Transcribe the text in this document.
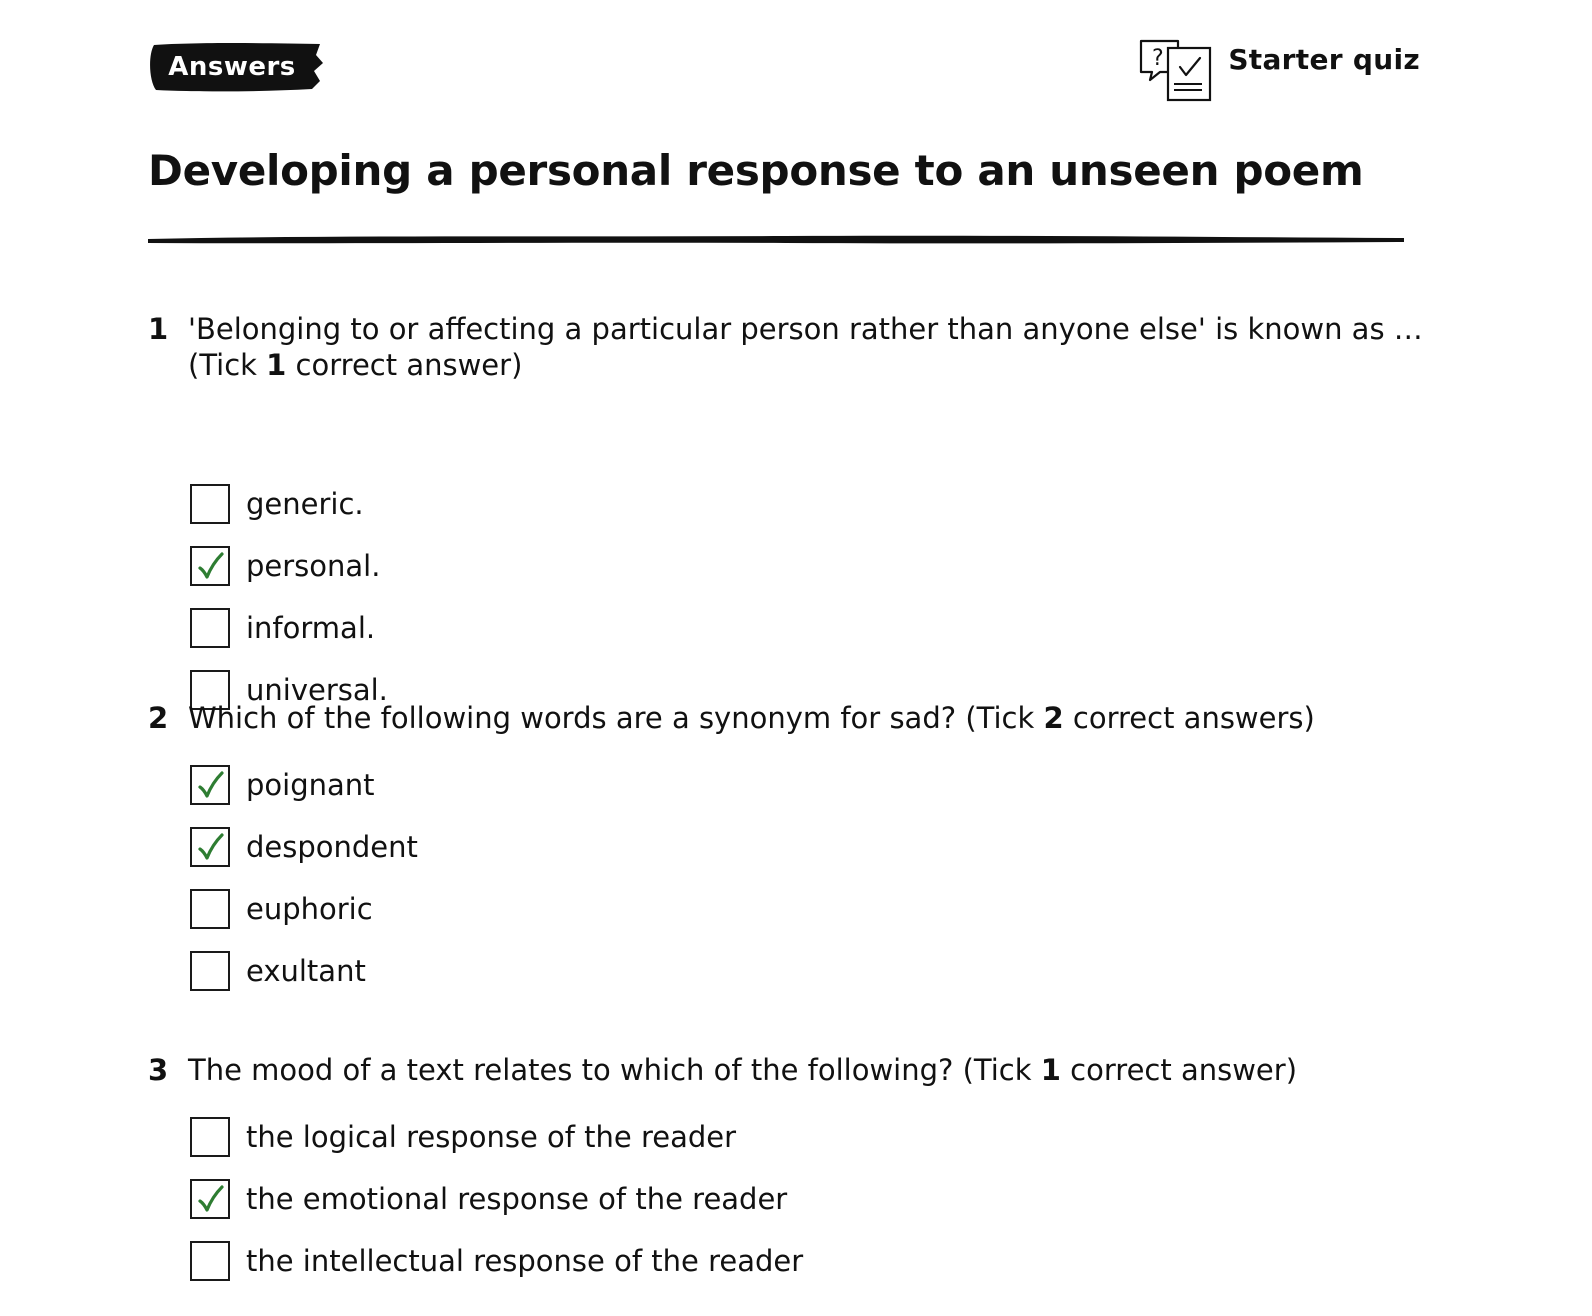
Answers	? Starter quiz
Developing a personal response to an unseen poem
1 'Belonging to or affecting a particular person rather than anyone else' is known as … (Tick 1 correct answer)
generic.
personal.
informal.
universal.
2 Which of the following words are a synonym for sad? (Tick 2 correct answers)
poignant
despondent
euphoric
exultant
3 The mood of a text relates to which of the following? (Tick 1 correct answer)
the logical response of the reader
the emotional response of the reader
the intellectual response of the reader
